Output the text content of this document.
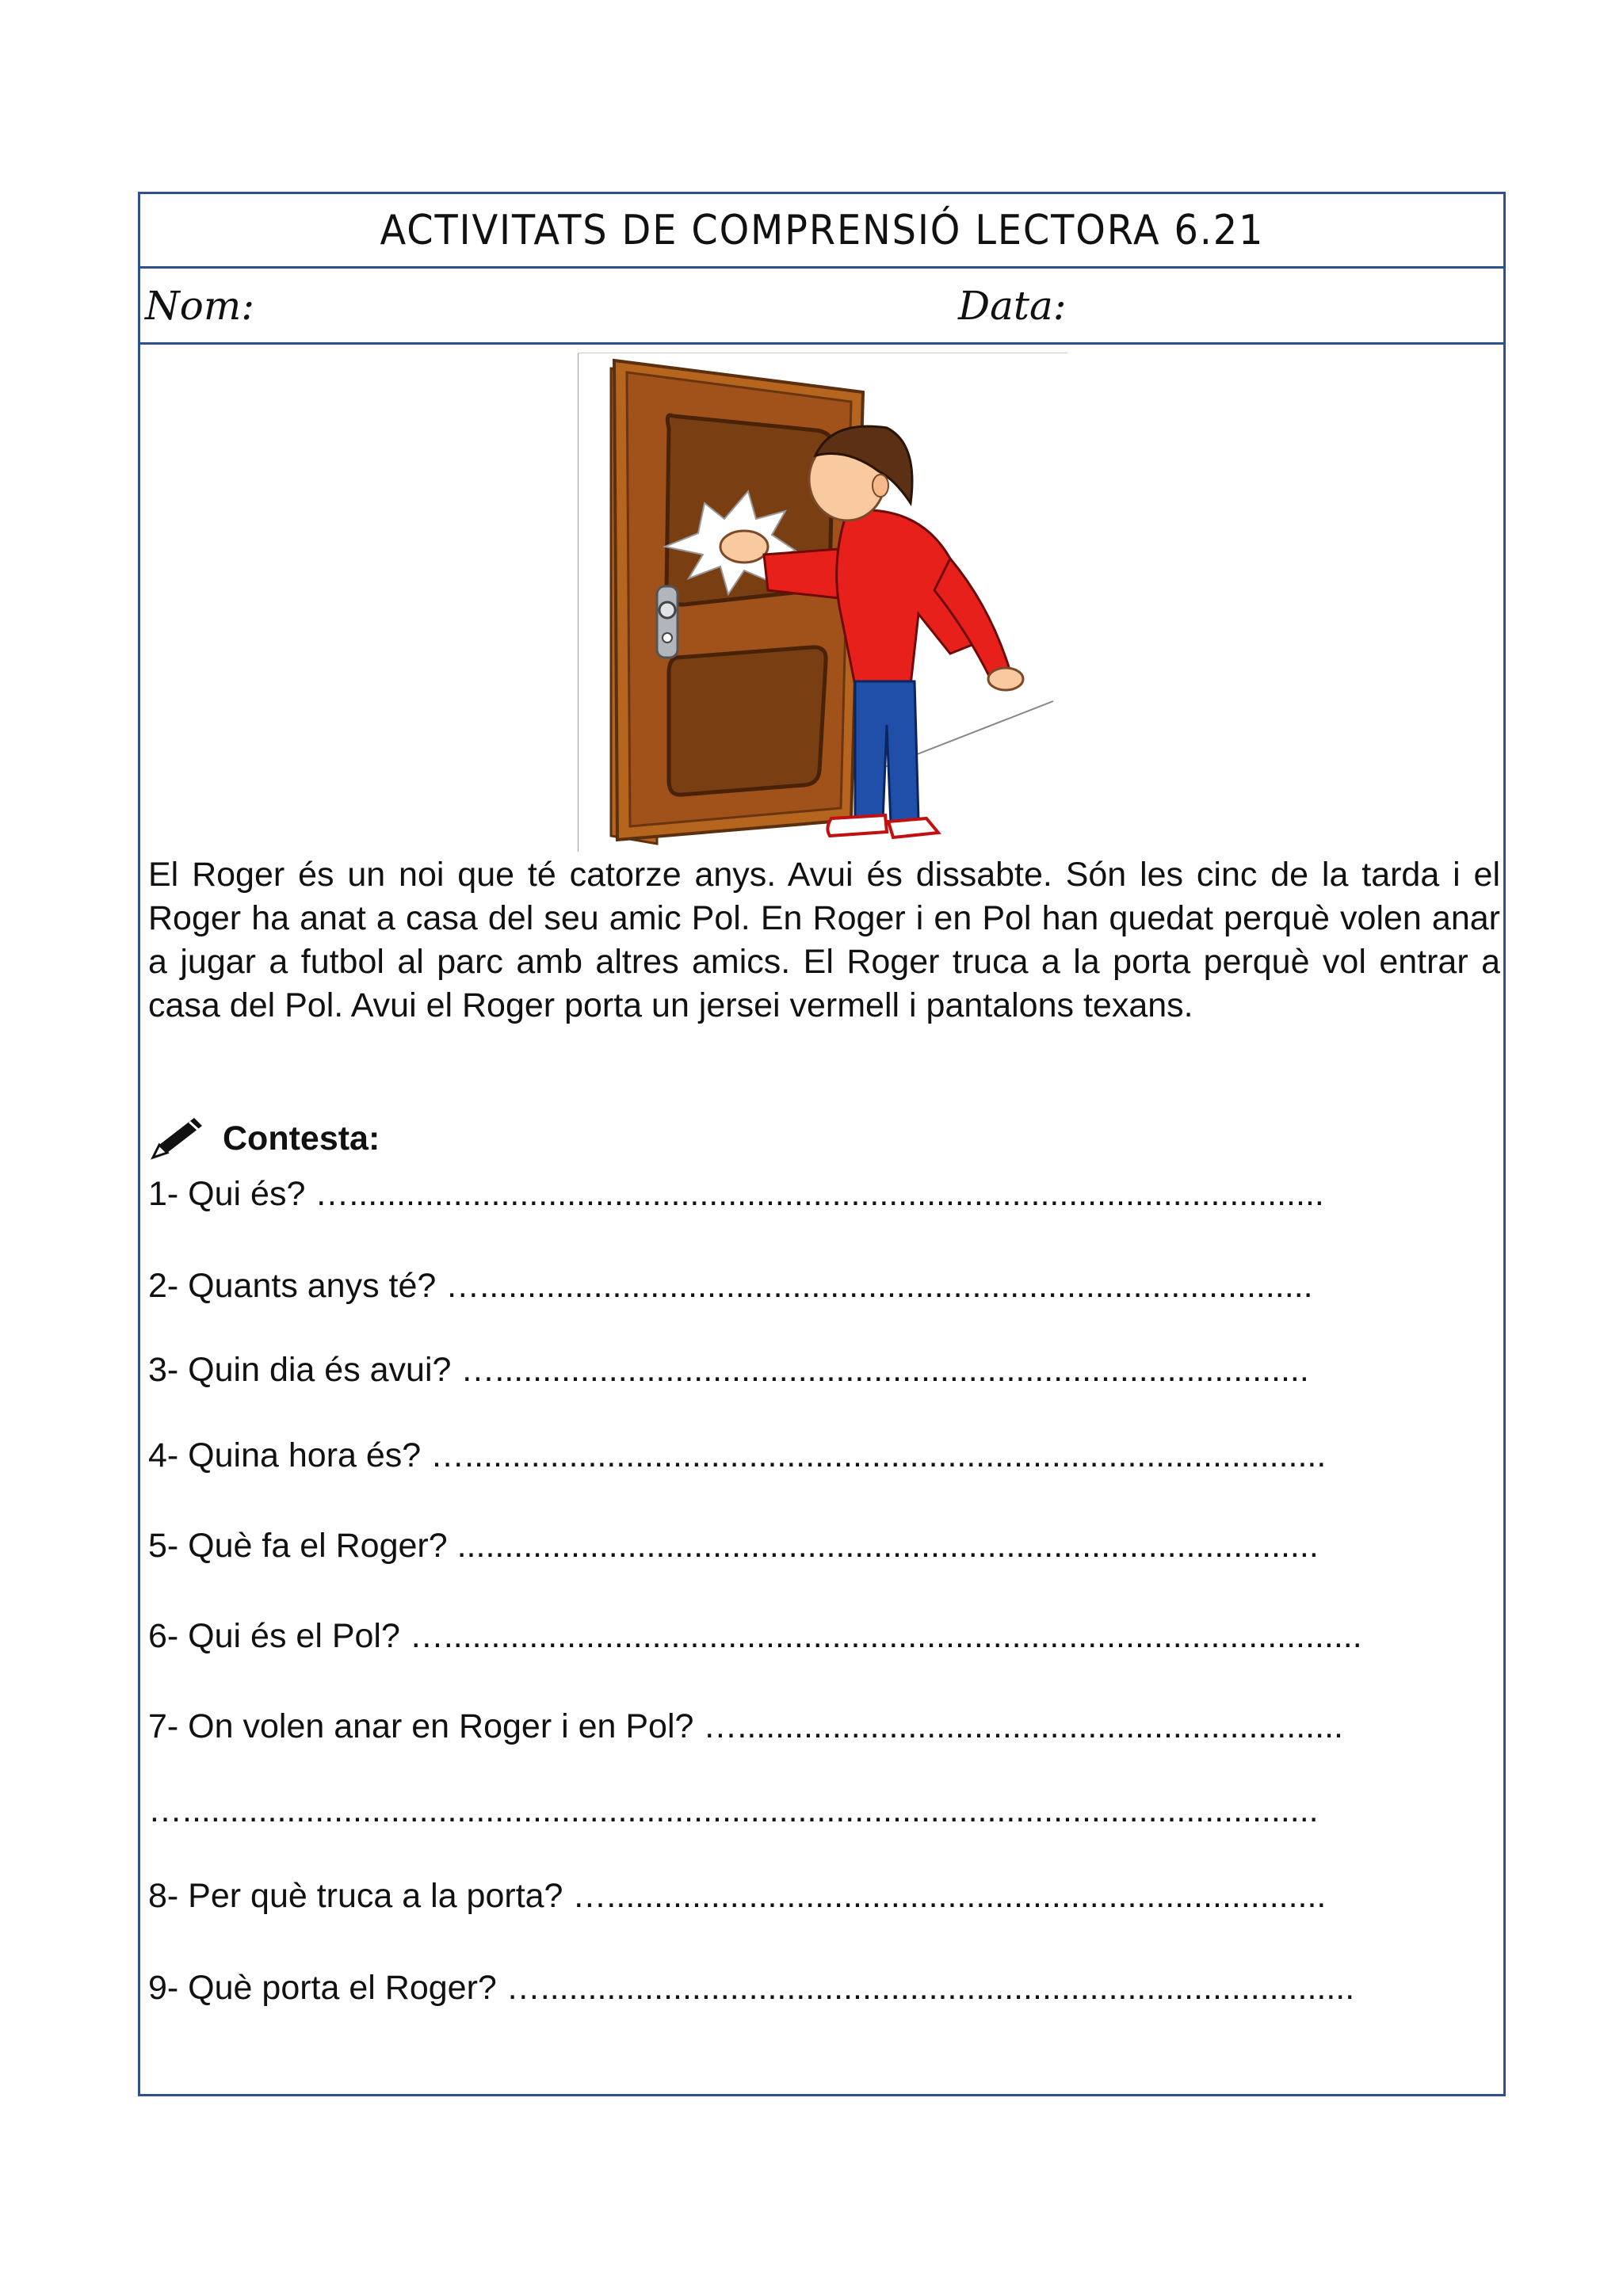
ACTIVITATS DE COMPRENSIÓ LECTORA 6.21
Nom:	Data:

El Roger és un noi que té catorze anys. Avui és dissabte. Són les cinc de la tarda i el Roger ha anat a casa del seu amic Pol. En Roger i en Pol han quedat perquè volen anar a jugar a futbol al parc amb altres amics. El Roger truca a la porta perquè vol entrar a casa del Pol. Avui el Roger porta un jersei vermell i pantalons texans.

Contesta:
1- Qui és? ….......................................................................................................
2- Quants anys té? …........................................................................................
3- Quin dia és avui? …......................................................................................
4- Quina hora és? …...........................................................................................
5- Què fa el Roger? ...........................................................................................
6- Qui és el Pol? ….................................................................................................
7- On volen anar en Roger i en Pol? …................................................................
…........................................................................................................................
8- Per què truca a la porta? …............................................................................
9- Què porta el Roger? …......................................................................................
